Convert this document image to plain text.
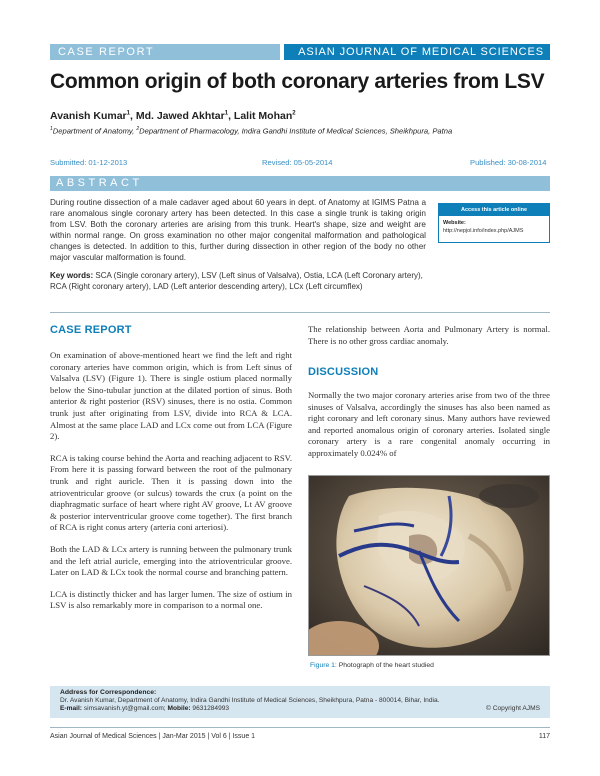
CASE REPORT	ASIAN JOURNAL OF MEDICAL SCIENCES
Common origin of both coronary arteries from LSV
Avanish Kumar$^1$, Md. Jawed Akhtar$^1$, Lalit Mohan$^2$
$^1$Department of Anatomy, $^2$Department of Pharmacology, Indira Gandhi Institute of Medical Sciences, Sheikhpura, Patna
Submitted: 01-12-2013	Revised: 05-05-2014	Published: 30-08-2014
ABSTRACT
During routine dissection of a male cadaver aged about 60 years in dept. of Anatomy at IGIMS Patna a rare anomalous single coronary artery has been detected. In this case a single trunk is taking origin from LSV. Both the coronary arteries are arising from this trunk. Heart's shape, size and weight are within normal range. On gross examination no other major congenital malformation and pathological changes is detected. In addition to this, further during dissection in other region of the body no other major vascular malformation is found.
Key words: SCA (Single coronary artery), LSV (Left sinus of Valsalva), Ostia, LCA (Left Coronary artery), RCA (Right coronary artery), LAD (Left anterior descending artery), LCx (Left circumflex)
Access this article online
Website:
http://nepjol.info/index.php/AJMS
CASE REPORT

On examination of above-mentioned heart we find the left and right coronary arteries have common origin, which is from Left sinus of Valsalva (LSV) (Figure 1). There is single ostium placed normally below the Sino-tubular junction at the dilated portion of sinus. Both anterior & right posterior (RSV) sinuses, there is no ostia. Common trunk just after originating from LSV, divide into RCA & LCA. Almost at the same place LAD and LCx come out from LCA (Figure 2).

RCA is taking course behind the Aorta and reaching adjacent to RSV. From here it is passing forward between the root of the pulmonary trunk and right auricle. Then it is passing down into the atrioventricular groove (or sulcus) towards the crux (a point on the diaphragmatic surface of heart where right AV groove, Lt AV groove & posterior interventricular groove come together). The first branch of RCA is right conus artery (arteria coni arteriosi).

Both the LAD & LCx artery is running between the pulmonary trunk and the left atrial auricle, emerging into the atrioventricular groove. Later on LAD & LCx took the normal course and branching pattern.

LCA is distinctly thicker and has larger lumen. The size of ostium in LSV is also remarkably more in comparison to a normal one.

The relationship between Aorta and Pulmonary Artery is normal. There is no other gross cardiac anomaly.

DISCUSSION

Normally the two major coronary arteries arise from two of the three sinuses of Valsalva, accordingly the sinuses has also been named as right coronary and left coronary sinus. Many authors have reviewed and reported anomalous origin of coronary arteries. Isolated single coronary artery is a rare congenital anomaly occurring in approximately 0.024% of

Figure 1: Photograph of the heart studied
Address for Correspondence:
Dr. Avanish Kumar, Department of Anatomy, Indira Gandhi Institute of Medical Sciences, Sheikhpura, Patna - 800014, Bihar, India.
E-mail: simsavanish.yt@gmail.com; Mobile: 9631284993	© Copyright AJMS
Asian Journal of Medical Sciences | Jan-Mar 2015 | Vol 6 | Issue 1	117
